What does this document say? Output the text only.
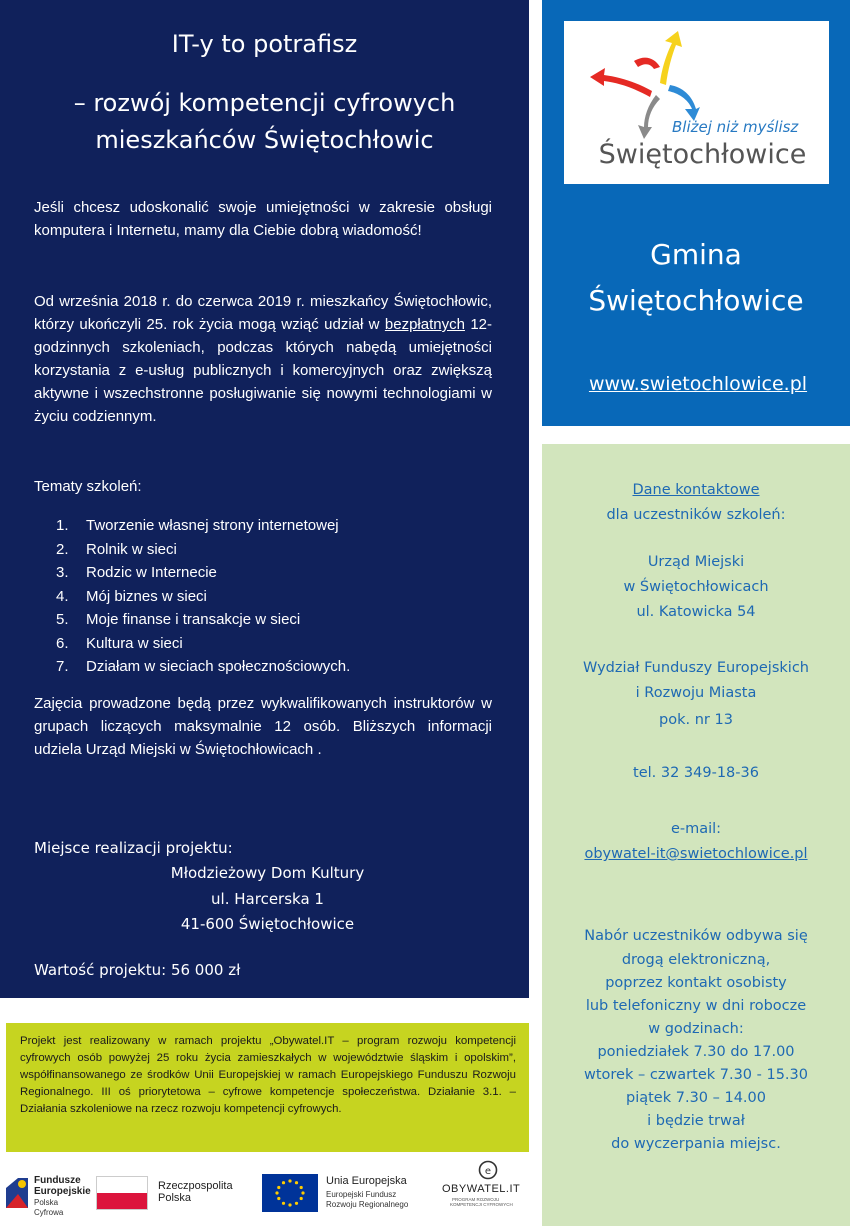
IT-y to potrafisz
– rozwój kompetencji cyfrowych
mieszkańców Świętochłowic

Jeśli chcesz udoskonalić swoje umiejętności w zakresie obsługi komputera i Internetu, mamy dla Ciebie dobrą wiadomość!

Od września 2018 r. do czerwca 2019 r. mieszkańcy Świętochłowic, którzy ukończyli 25. rok życia mogą wziąć udział w bezpłatnych 12-godzinnych szkoleniach, podczas których nabędą umiejętności korzystania z e-usług publicznych i komercyjnych oraz zwiększą aktywne i wszechstronne posługiwanie się nowymi technologiami w życiu codziennym.

Tematy szkoleń:
1. Tworzenie własnej strony internetowej
2. Rolnik w sieci
3. Rodzic w Internecie
4. Mój biznes w sieci
5. Moje finanse i transakcje w sieci
6. Kultura w sieci
7. Działam w sieciach społecznościowych.

Zajęcia prowadzone będą przez wykwalifikowanych instruktorów w grupach liczących maksymalnie 12 osób. Bliższych informacji udziela Urząd Miejski w Świętochłowicach .

Miejsce realizacji projektu:
Młodzieżowy Dom Kultury
ul. Harcerska 1
41-600 Świętochłowice
Wartość projektu: 56 000 zł
Bliżej niż myślisz
Świętochłowice
Gmina
Świętochłowice
www.swietochlowice.pl
Dane kontaktowe
dla uczestników szkoleń:
Urząd Miejski
w Świętochłowicach
ul. Katowicka 54
Wydział Funduszy Europejskich
i Rozwoju Miasta
pok. nr 13
tel. 32 349-18-36
e-mail:
obywatel-it@swietochlowice.pl
Nabór uczestników odbywa się
drogą elektroniczną,
poprzez kontakt osobisty
lub telefoniczny w dni robocze
w godzinach:
poniedziałek 7.30 do 17.00
wtorek – czwartek 7.30 - 15.30
piątek 7.30 – 14.00
i będzie trwał
do wyczerpania miejsc.

Projekt jest realizowany w ramach projektu „Obywatel.IT – program rozwoju kompetencji cyfrowych osób powyżej 25 roku życia zamieszkałych w województwie śląskim i opolskim”, współfinansowanego ze środków Unii Europejskiej w ramach Europejskiego Funduszu Rozwoju Regionalnego. III oś priorytetowa – cyfrowe kompetencje społeczeństwa. Działanie 3.1. – Działania szkoleniowe na rzecz rozwoju kompetencji cyfrowych.

Fundusze
Europejskie
Polska Cyfrowa
Rzeczpospolita
Polska
Unia Europejska
Europejski Fundusz
Rozwoju Regionalnego
e
OBYWATEL.IT
PROGRAM ROZWOJU
KOMPETENCJI CYFROWYCH
